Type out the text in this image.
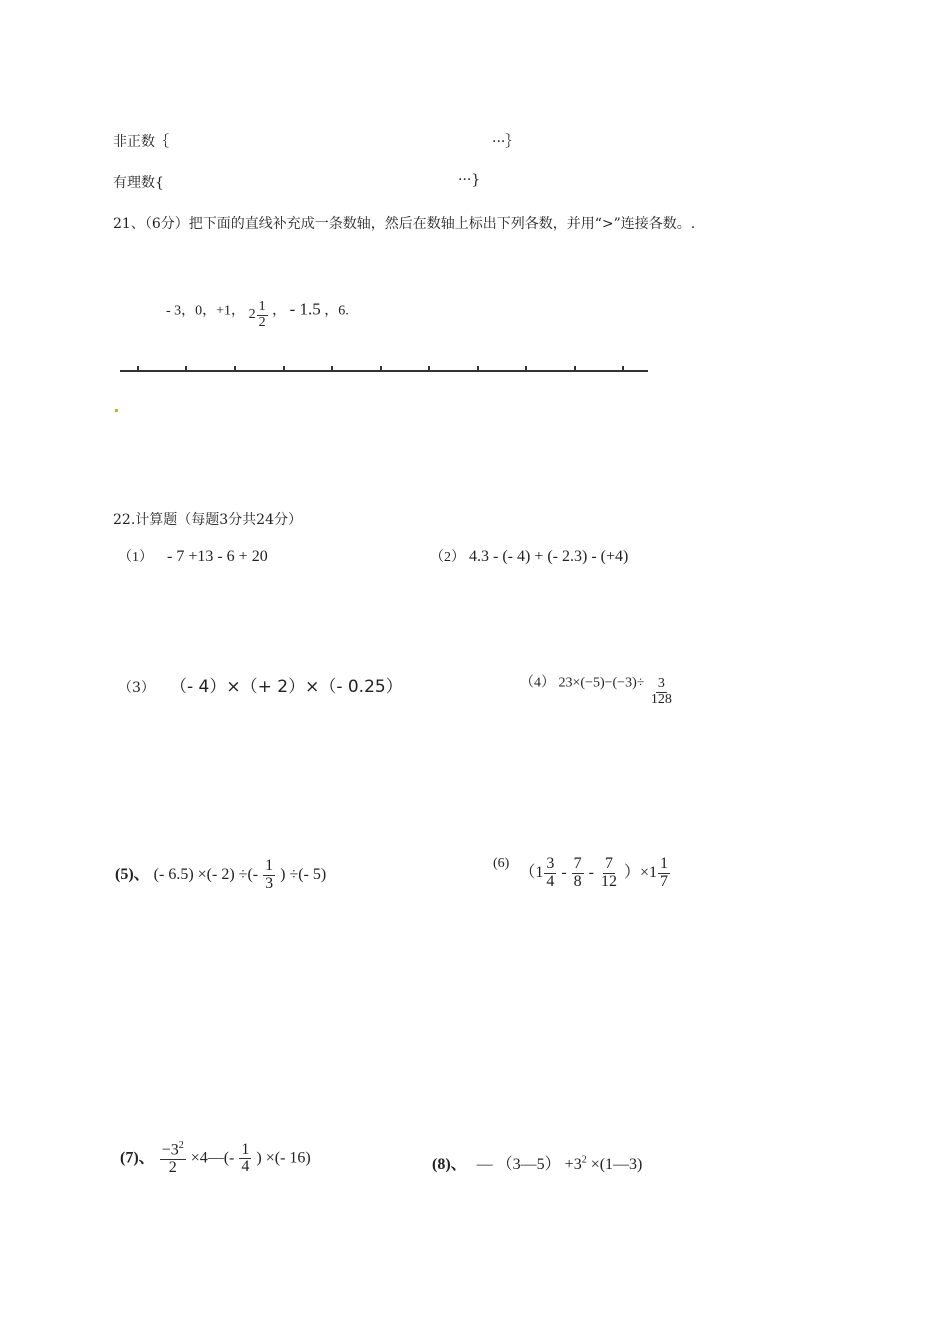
非正数｛	···｝
有理数{	···}
21、（6分）把下面的直线补充成一条数轴，然后在数轴上标出下列各数，并用“>”连接各数。.
- 3，0，+1， $2 \frac{1}{2}$ ， - 1.5 ，6.
22.计算题（每题3分共24分）
（1） - 7 +13 - 6 + 20	（2） 4.3 - (- 4) + (- 2.3) - (+4)
（3） （- 4）×（+ 2）×（- 0.25）	（4） $23\times(-5)-(-3)\div \frac{3}{128}$
(5)、 (- 6.5) ×(- 2) ÷(- $\frac{1}{3}$ ) ÷(- 5)
(6) $(1 \frac{3}{4} - \frac{7}{8} - \frac{7}{12} )\times 1 \frac{1}{7}$
(7)、 $\frac{-3^2}{2}$ ×4—(- $\frac{1}{4}$ ) ×(- 16)	(8)、 — （3—5） $+3^2$ ×(1—3)
